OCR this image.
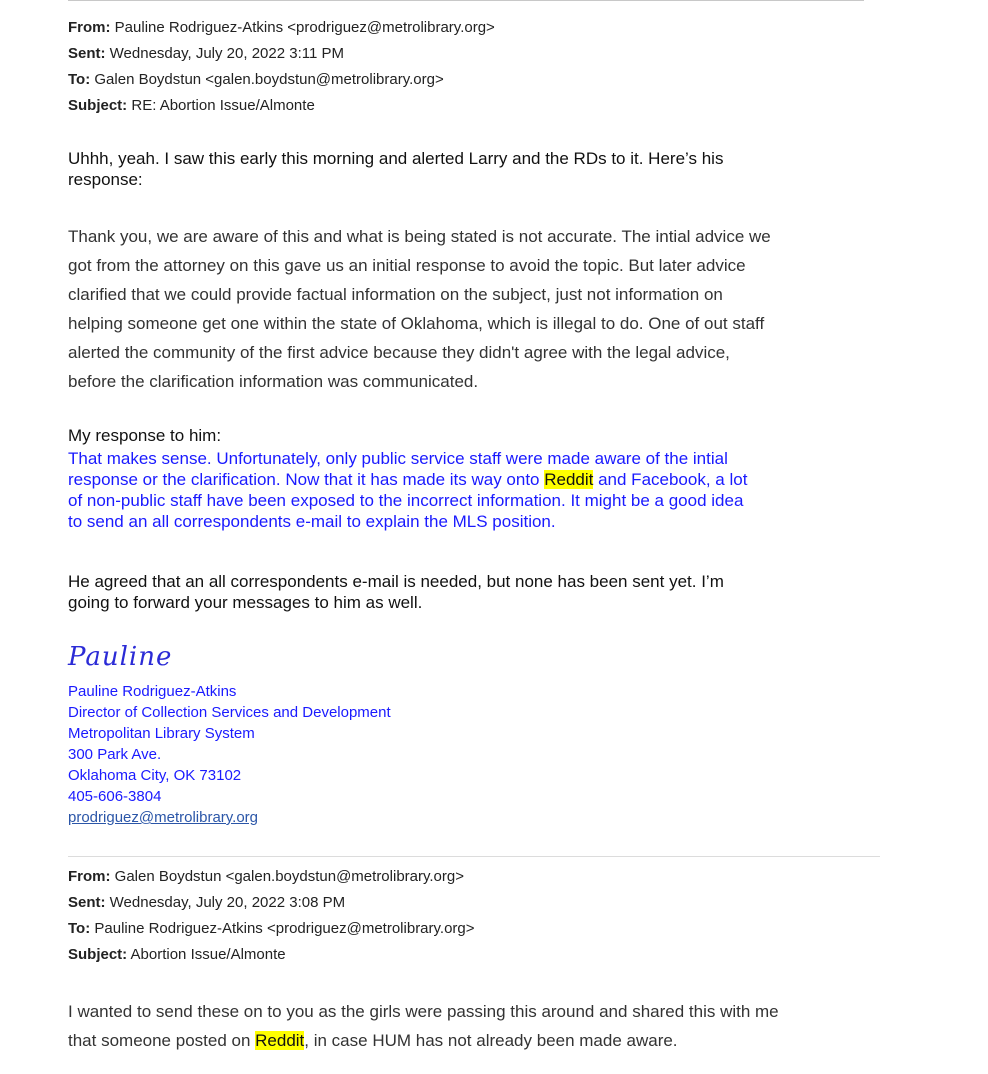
From: Pauline Rodriguez-Atkins <prodriguez@metrolibrary.org>
Sent: Wednesday, July 20, 2022 3:11 PM
To: Galen Boydstun <galen.boydstun@metrolibrary.org>
Subject: RE: Abortion Issue/Almonte
Uhhh, yeah. I saw this early this morning and alerted Larry and the RDs to it. Here’s his
response:
Thank you, we are aware of this and what is being stated is not accurate. The intial advice we
got from the attorney on this gave us an initial response to avoid the topic. But later advice
clarified that we could provide factual information on the subject, just not information on
helping someone get one within the state of Oklahoma, which is illegal to do. One of out staff
alerted the community of the first advice because they didn't agree with the legal advice,
before the clarification information was communicated.
My response to him:
That makes sense. Unfortunately, only public service staff were made aware of the intial
response or the clarification. Now that it has made its way onto Reddit and Facebook, a lot
of non-public staff have been exposed to the incorrect information. It might be a good idea
to send an all correspondents e-mail to explain the MLS position.
He agreed that an all correspondents e-mail is needed, but none has been sent yet. I’m
going to forward your messages to him as well.
Pauline
Pauline Rodriguez-Atkins
Director of Collection Services and Development
Metropolitan Library System
300 Park Ave.
Oklahoma City, OK 73102
405-606-3804
prodriguez@metrolibrary.org
From: Galen Boydstun <galen.boydstun@metrolibrary.org>
Sent: Wednesday, July 20, 2022 3:08 PM
To: Pauline Rodriguez-Atkins <prodriguez@metrolibrary.org>
Subject: Abortion Issue/Almonte
I wanted to send these on to you as the girls were passing this around and shared this with me
that someone posted on Reddit, in case HUM has not already been made aware.
